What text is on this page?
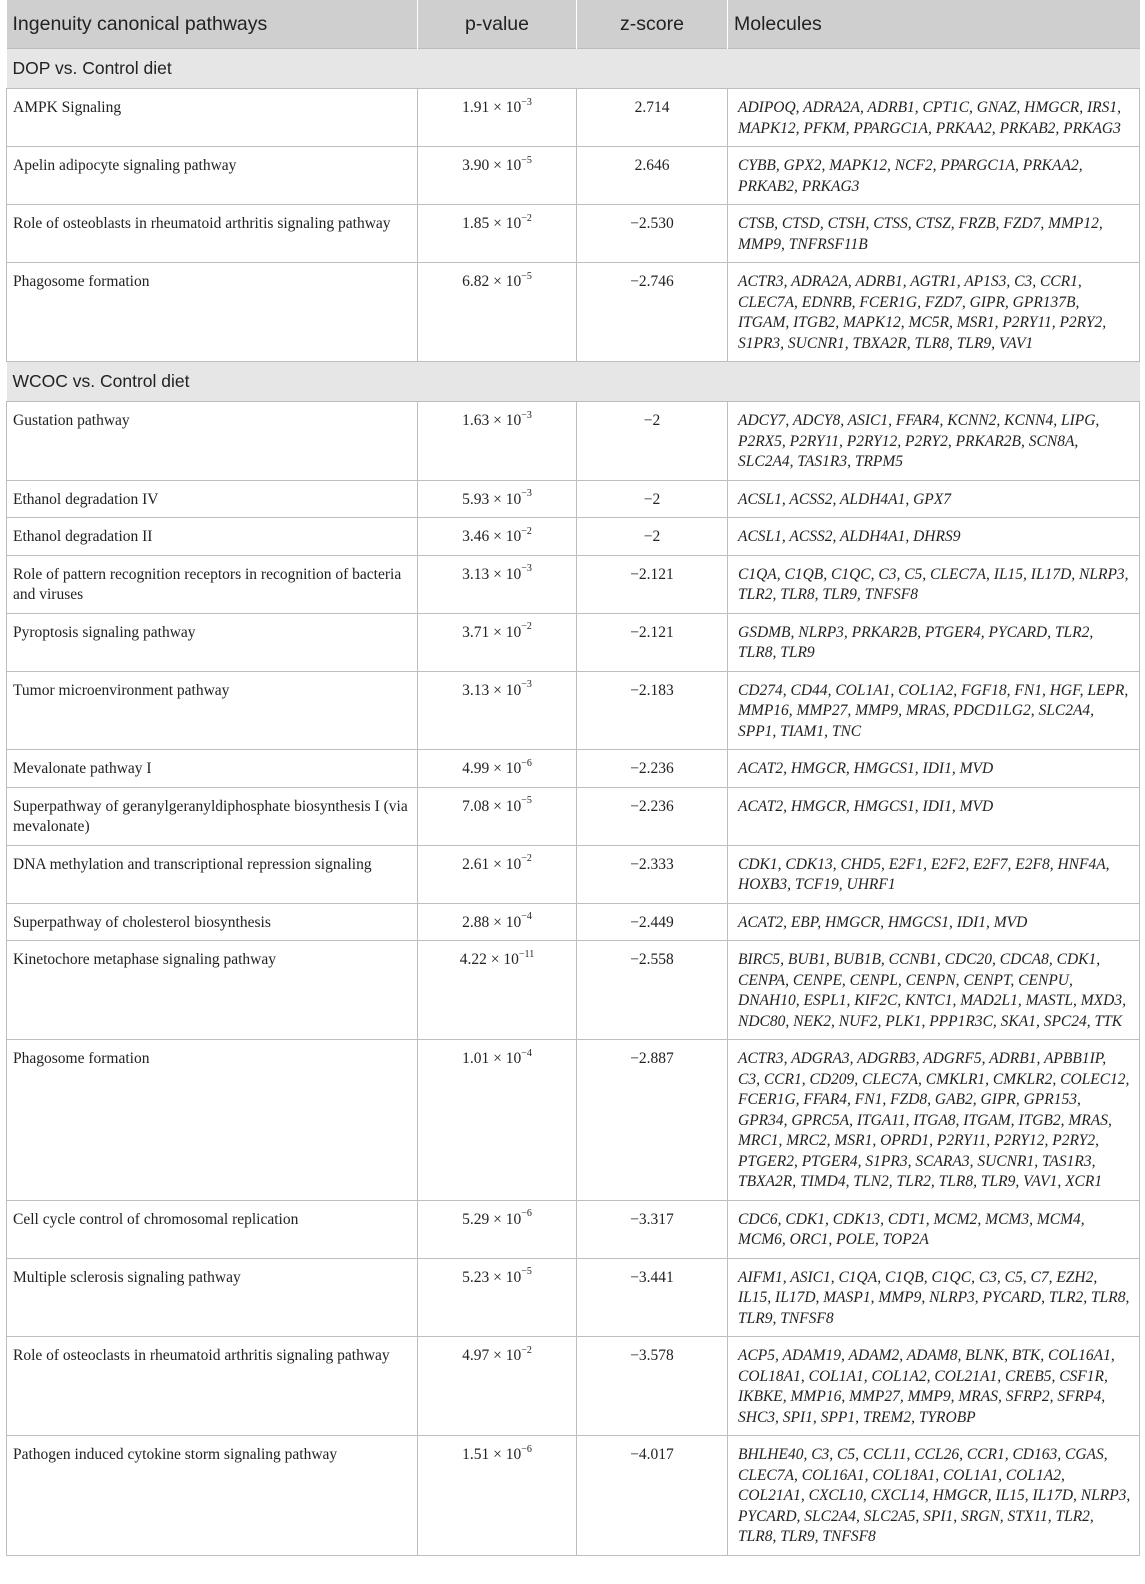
Ingenuity canonical pathways	p-value	z-score	Molecules
DOP vs. Control diet			
AMPK Signaling	$1.91 \times 10^{-3}$	2.714	ADIPOQ, ADRA2A, ADRB1, CPT1C, GNAZ, HMGCR, IRS1, MAPK12, PFKM, PPARGC1A, PRKAA2, PRKAB2, PRKAG3
Apelin adipocyte signaling pathway	$3.90 \times 10^{-5}$	2.646	CYBB, GPX2, MAPK12, NCF2, PPARGC1A, PRKAA2, PRKAB2, PRKAG3
Role of osteoblasts in rheumatoid arthritis signaling pathway	$1.85 \times 10^{-2}$	−2.530	CTSB, CTSD, CTSH, CTSS, CTSZ, FRZB, FZD7, MMP12, MMP9, TNFRSF11B
Phagosome formation	$6.82 \times 10^{-5}$	−2.746	ACTR3, ADRA2A, ADRB1, AGTR1, AP1S3, C3, CCR1, CLEC7A, EDNRB, FCER1G, FZD7, GIPR, GPR137B, ITGAM, ITGB2, MAPK12, MC5R, MSR1, P2RY11, P2RY2, S1PR3, SUCNR1, TBXA2R, TLR8, TLR9, VAV1
WCOC vs. Control diet			
Gustation pathway	$1.63 \times 10^{-3}$	−2	ADCY7, ADCY8, ASIC1, FFAR4, KCNN2, KCNN4, LIPG, P2RX5, P2RY11, P2RY12, P2RY2, PRKAR2B, SCN8A, SLC2A4, TAS1R3, TRPM5
Ethanol degradation IV	$5.93 \times 10^{-3}$	−2	ACSL1, ACSS2, ALDH4A1, GPX7
Ethanol degradation II	$3.46 \times 10^{-2}$	−2	ACSL1, ACSS2, ALDH4A1, DHRS9
Role of pattern recognition receptors in recognition of bacteria and viruses	$3.13 \times 10^{-3}$	−2.121	C1QA, C1QB, C1QC, C3, C5, CLEC7A, IL15, IL17D, NLRP3, TLR2, TLR8, TLR9, TNFSF8
Pyroptosis signaling pathway	$3.71 \times 10^{-2}$	−2.121	GSDMB, NLRP3, PRKAR2B, PTGER4, PYCARD, TLR2, TLR8, TLR9
Tumor microenvironment pathway	$3.13 \times 10^{-3}$	−2.183	CD274, CD44, COL1A1, COL1A2, FGF18, FN1, HGF, LEPR, MMP16, MMP27, MMP9, MRAS, PDCD1LG2, SLC2A4, SPP1, TIAM1, TNC
Mevalonate pathway I	$4.99 \times 10^{-6}$	−2.236	ACAT2, HMGCR, HMGCS1, IDI1, MVD
Superpathway of geranylgeranyldiphosphate biosynthesis I (via mevalonate)	$7.08 \times 10^{-5}$	−2.236	ACAT2, HMGCR, HMGCS1, IDI1, MVD
DNA methylation and transcriptional repression signaling	$2.61 \times 10^{-2}$	−2.333	CDK1, CDK13, CHD5, E2F1, E2F2, E2F7, E2F8, HNF4A, HOXB3, TCF19, UHRF1
Superpathway of cholesterol biosynthesis	$2.88 \times 10^{-4}$	−2.449	ACAT2, EBP, HMGCR, HMGCS1, IDI1, MVD
Kinetochore metaphase signaling pathway	$4.22 \times 10^{-11}$	−2.558	BIRC5, BUB1, BUB1B, CCNB1, CDC20, CDCA8, CDK1, CENPA, CENPE, CENPL, CENPN, CENPT, CENPU, DNAH10, ESPL1, KIF2C, KNTC1, MAD2L1, MASTL, MXD3, NDC80, NEK2, NUF2, PLK1, PPP1R3C, SKA1, SPC24, TTK
Phagosome formation	$1.01 \times 10^{-4}$	−2.887	ACTR3, ADGRA3, ADGRB3, ADGRF5, ADRB1, APBB1IP, C3, CCR1, CD209, CLEC7A, CMKLR1, CMKLR2, COLEC12, FCER1G, FFAR4, FN1, FZD8, GAB2, GIPR, GPR153, GPR34, GPRC5A, ITGA11, ITGA8, ITGAM, ITGB2, MRAS, MRC1, MRC2, MSR1, OPRD1, P2RY11, P2RY12, P2RY2, PTGER2, PTGER4, S1PR3, SCARA3, SUCNR1, TAS1R3, TBXA2R, TIMD4, TLN2, TLR2, TLR8, TLR9, VAV1, XCR1
Cell cycle control of chromosomal replication	$5.29 \times 10^{-6}$	−3.317	CDC6, CDK1, CDK13, CDT1, MCM2, MCM3, MCM4, MCM6, ORC1, POLE, TOP2A
Multiple sclerosis signaling pathway	$5.23 \times 10^{-5}$	−3.441	AIFM1, ASIC1, C1QA, C1QB, C1QC, C3, C5, C7, EZH2, IL15, IL17D, MASP1, MMP9, NLRP3, PYCARD, TLR2, TLR8, TLR9, TNFSF8
Role of osteoclasts in rheumatoid arthritis signaling pathway	$4.97 \times 10^{-2}$	−3.578	ACP5, ADAM19, ADAM2, ADAM8, BLNK, BTK, COL16A1, COL18A1, COL1A1, COL1A2, COL21A1, CREB5, CSF1R, IKBKE, MMP16, MMP27, MMP9, MRAS, SFRP2, SFRP4, SHC3, SPI1, SPP1, TREM2, TYROBP
Pathogen induced cytokine storm signaling pathway	$1.51 \times 10^{-6}$	−4.017	BHLHE40, C3, C5, CCL11, CCL26, CCR1, CD163, CGAS, CLEC7A, COL16A1, COL18A1, COL1A1, COL1A2, COL21A1, CXCL10, CXCL14, HMGCR, IL15, IL17D, NLRP3, PYCARD, SLC2A4, SLC2A5, SPI1, SRGN, STX11, TLR2, TLR8, TLR9, TNFSF8
